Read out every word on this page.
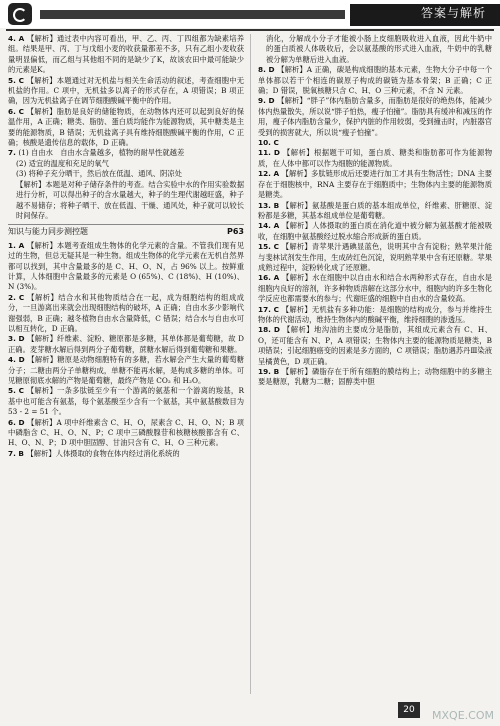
答案与解析

4. A 【解析】通过表中内容可看出，甲、乙、丙、丁四组都为缺素培养组。结果是甲、丙、丁与戊组小麦的收获量都差不多，只有乙组小麦收获量明显偏低，而乙组与其他组不同的是缺少了K，故该农田中最可能缺少的元素是K。

5. C 【解析】本题通过对无机盐与相关生命活动的叙述，考查细胞中无机盐的作用。C 项中，无机盐多以离子的形式存在，A 项错误；B 项正确，因为无机盐离子在调节细胞酸碱平衡中的作用。

6. C 【解析】脂肪是良好的储能物质，在动物体内还可以起到良好的保温作用，A 正确；糖类、脂肪、蛋白质均能作为能源物质，其中糖类是主要的能源物质，B 错误；无机盐离子具有维持细胞酸碱平衡的作用，C 正确；核酸是遗传信息的载体，D 正确。

7. (1) 自由水　自由水含量越多，植物的耐旱性就越差

(2) 适宜的温度和充足的氧气

(3) 将种子充分晒干，然后放在低温、通风、阴凉处

【解析】本题是对种子储存条件的考查。结合实验中水的作用实验数据进行分析，可以得出种子的含水量越大，种子的生理代谢越旺盛，种子越不易储存；将种子晒干、放在低温、干燥、通风处，种子就可以较长时间保存。

知识与能力同步测控题	P63

1. A 【解析】本题考查组成生物体的化学元素的含量。不管我们现有见过的生物，但总无疑其是一种生物。组成生物体的化学元素在无机自然界都可以找到，其中含量最多的是 C、H、O、N，占 96% 以上。按鲜重计算，人体细胞中含量最多的元素是 O (65%)、C (18%)、H (10%)、N (3%)。

2. C 【解析】结合水和其他物质结合在一起，成为细胞结构的组成成分，一旦游离出来就会出现细胞结构的破坏，A 正确；自由水多少影响代谢强弱，B 正确；越冬植物自由水含量降低，C 错误；结合水与自由水可以相互转化，D 正确。

3. D 【解析】纤维素、淀粉、糖原都是多糖，其单体都是葡萄糖，故 D 正确。麦芽糖水解后得到两分子葡萄糖，蔗糖水解后得到葡萄糖和果糖。

4. D 【解析】糖原是动物细胞特有的多糖，若水解会产生大量的葡萄糖分子；二糖由两分子单糖构成，单糖不能再水解，是构成多糖的单体。可见糖原彻底水解的产物是葡萄糖，最终产物是 CO₂ 和 H₂O。

5. C 【解析】一条多肽链至少有一个游离的氨基和一个游离的羧基，R 基中也可能含有氨基，每个氨基酸至少含有一个氨基，其中氨基酸数目为 53 - 2 = 51 个。

6. D 【解析】A 项中纤维素含 C、H、O，尿素含 C、H、O、N；B 项中磷脂含 C、H、O、N、P；C 项中三磷酸腺苷和核糖核酸都含有 C、H、O、N、P；D 项中胆固醇、甘油只含有 C、H、O 三种元素。

7. B 【解析】人体摄取的食物在体内经过消化系统的

消化，分解成小分子才能被小肠上皮细胞吸收进入血液，因此牛奶中的蛋白质被人体吸收后，会以氨基酸的形式进入血液，牛奶中的乳糖被分解为单糖后进入血液。

8. D 【解析】A 正确，碳是构成细胞的基本元素，生物大分子中每一个单体都以若干个相连的碳原子构成的碳链为基本骨架；B 正确；C 正确；D 错误，脱氧核糖只含 C、H、O 三种元素，不含 N 元素。

9. D 【解析】“胖子”体内脂肪含量多，而脂肪是很好的绝热体，能减少体内热量散失，所以说“胖子怕热，瘦子怕撞”。脂肪具有缓冲和减压的作用，瘦子体内脂肪含量少，保护内脏的作用较弱，受到撞击时，内脏器官受到的损害就大，所以说“瘦子怕撞”。

10. C

11. D 【解析】根据题干可知，蛋白质、糖类和脂肪都可作为能源物质，在人体中都可以作为细胞的能源物质。

12. A 【解析】多肽链形成后还要进行加工才具有生物活性；DNA 主要存在于细胞核中，RNA 主要存在于细胞质中；生物体内主要的能源物质是糖类。

13. B 【解析】氨基酸是蛋白质的基本组成单位，纤维素、肝糖原、淀粉都是多糖，其基本组成单位是葡萄糖。

14. A 【解析】人体摄取的蛋白质在消化道中被分解为氨基酸才能被吸收，在细胞中氨基酸经过脱水缩合形成新的蛋白质。

15. C 【解析】青苹果汁遇碘显蓝色，说明其中含有淀粉；熟苹果汁能与斐林试剂发生作用，生成砖红色沉淀，说明熟苹果中含有还原糖。苹果成熟过程中，淀粉转化成了还原糖。

16. A 【解析】水在细胞中以自由水和结合水两种形式存在，自由水是细胞内良好的溶剂，许多种物质溶解在这部分水中，细胞内的许多生物化学反应也都需要水的参与；代谢旺盛的细胞中自由水的含量较高。

17. C 【解析】无机盐有多种功能：是细胞的结构成分，参与并维持生物体的代谢活动，维持生物体内的酸碱平衡，维持细胞的渗透压。

18. D 【解析】地沟油的主要成分是脂肪，其组成元素含有 C、H、O，还可能含有 N、P，A 项错误；生物体内主要的能源物质是糖类，B 项错误；引起细胞癌变的因素是多方面的，C 项错误；脂肪遇苏丹Ⅲ染液呈橘黄色，D 项正确。

19. B 【解析】磷脂存在于所有细胞的膜结构上；动物细胞中的多糖主要是糖原，乳糖为二糖；固醇类中胆

20	MXQE.COM
